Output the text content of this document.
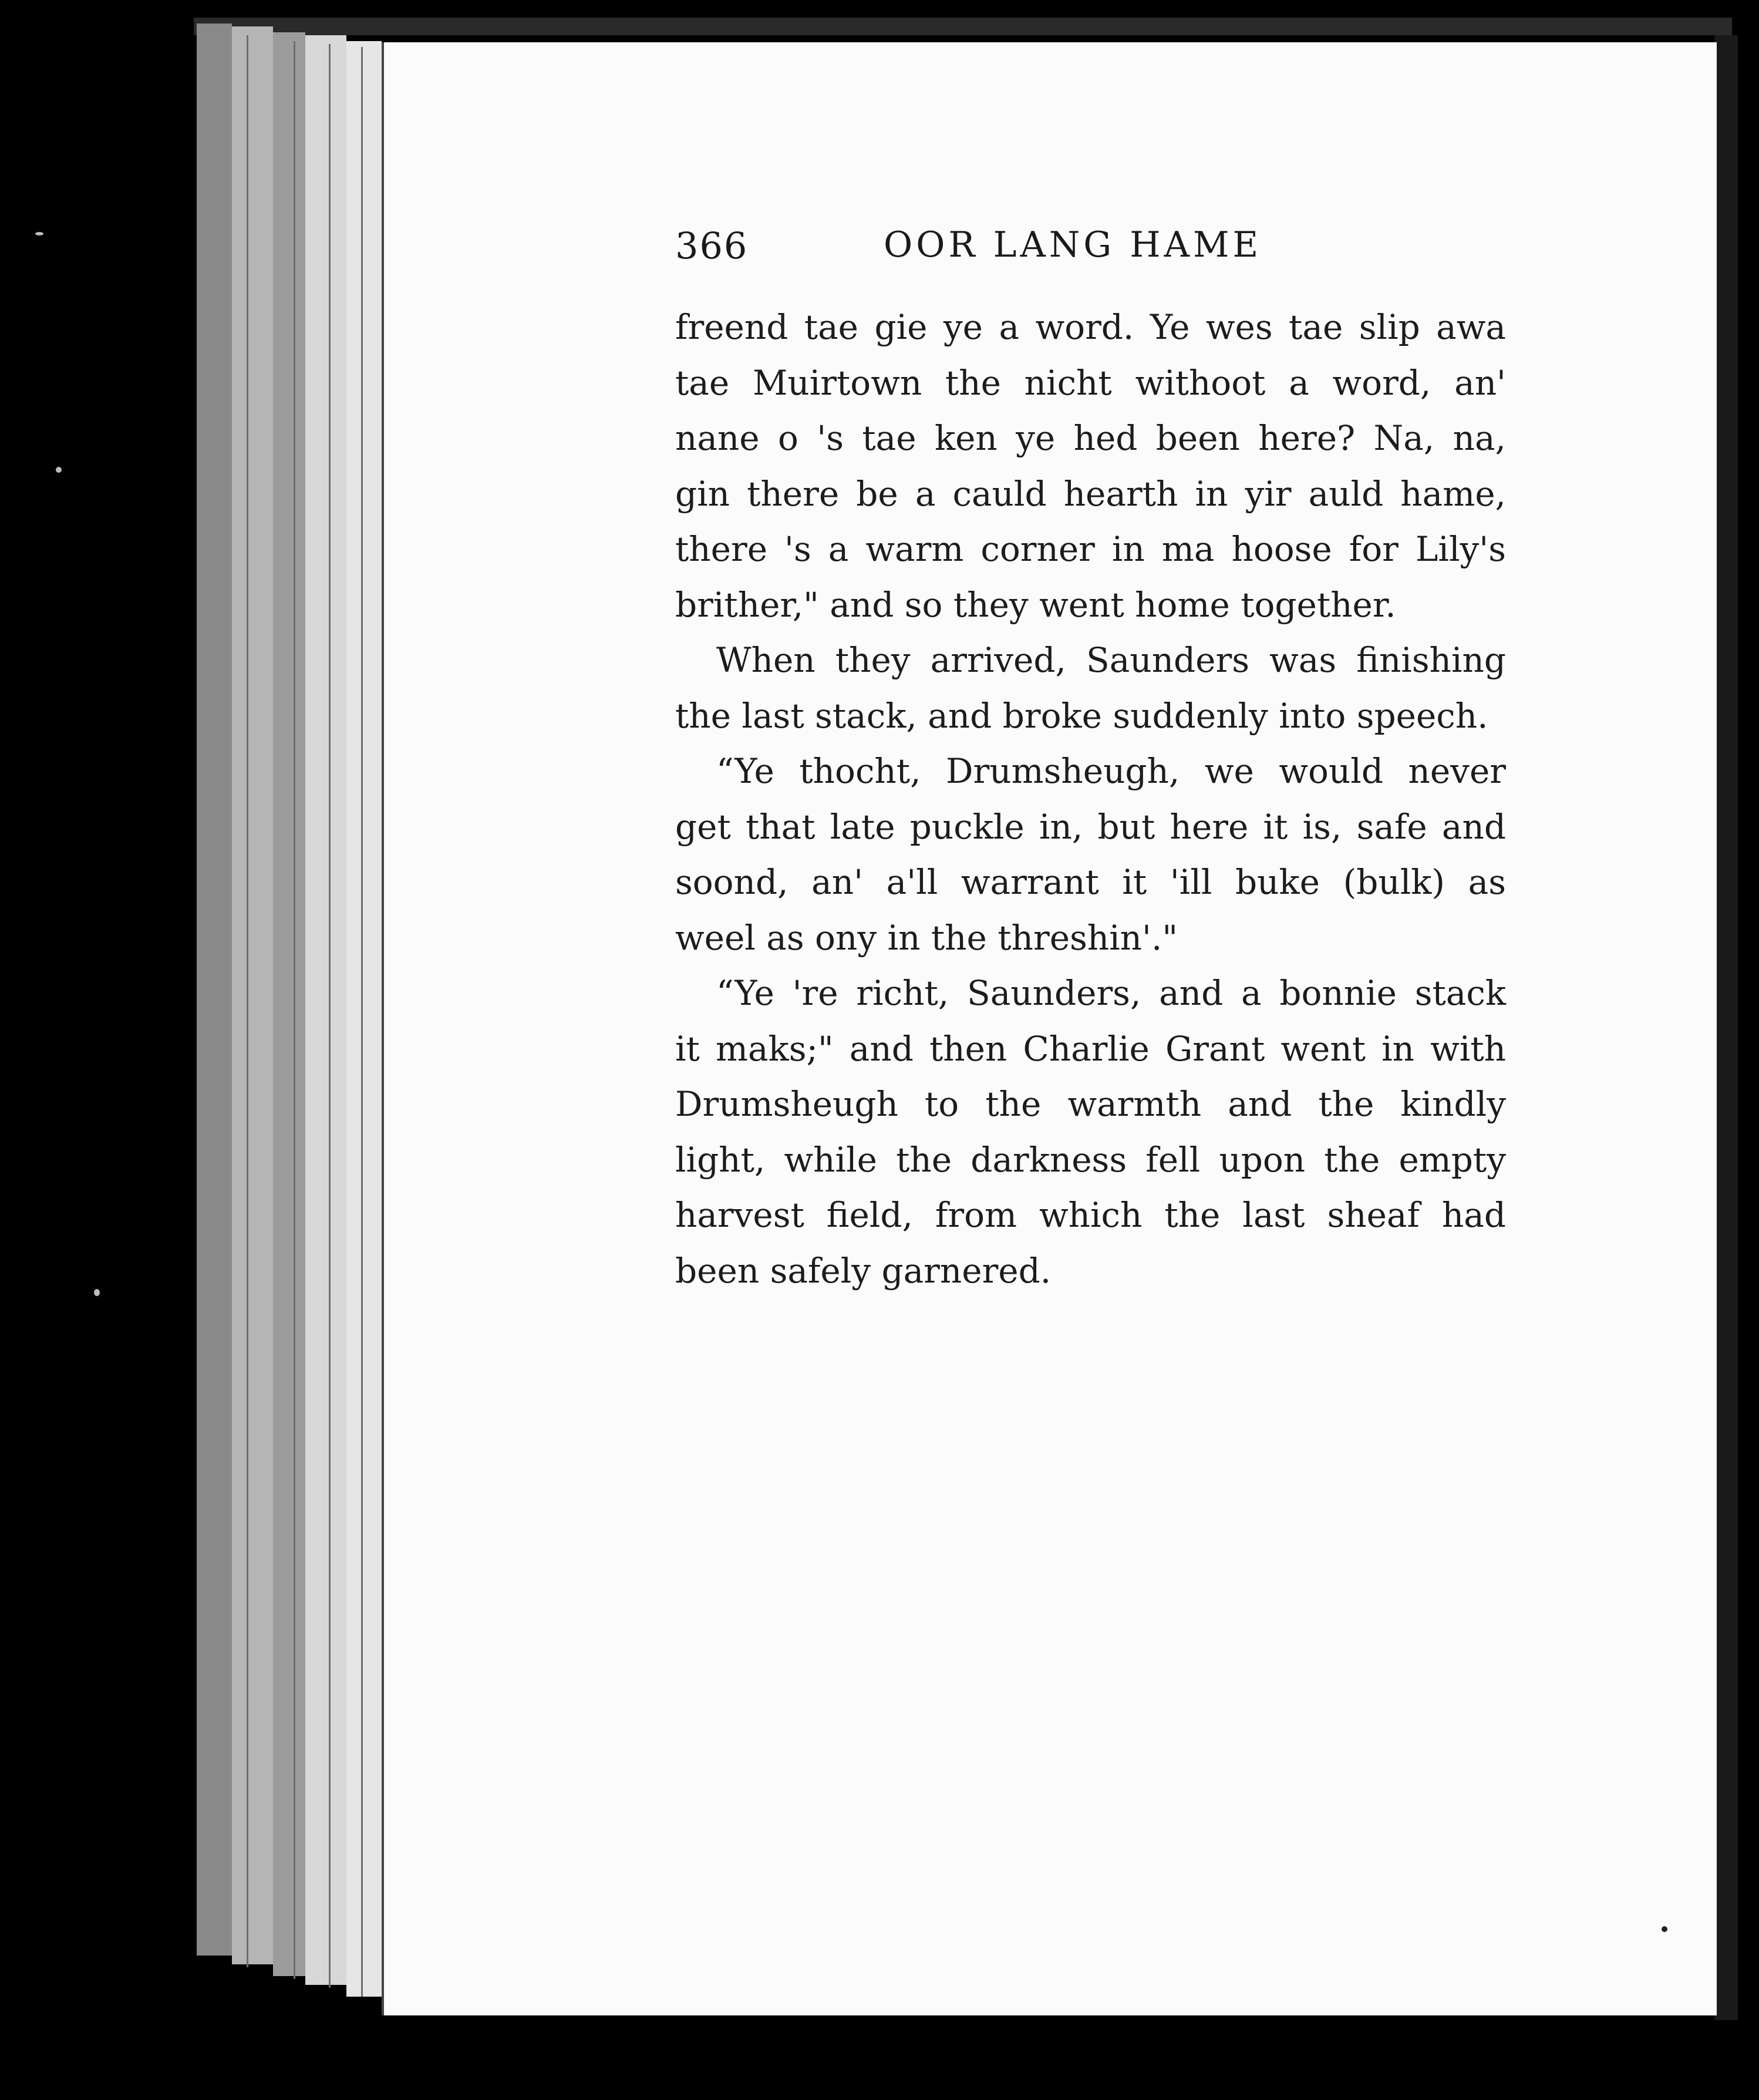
366	OOR LANG HAME
freend tae gie ye a word. Ye wes tae slip awa
tae Muirtown the nicht withoot a word, an'
nane o 's tae ken ye hed been here? Na, na,
gin there be a cauld hearth in yir auld hame,
there 's a warm corner in ma hoose for Lily's
brither," and so they went home together.
When they arrived, Saunders was finishing
the last stack, and broke suddenly into speech.
“Ye thocht, Drumsheugh, we would never
get that late puckle in, but here it is, safe and
soond, an' a'll warrant it 'ill buke (bulk) as
weel as ony in the threshin'."
“Ye 're richt, Saunders, and a bonnie stack
it maks;" and then Charlie Grant went in with
Drumsheugh to the warmth and the kindly
light, while the darkness fell upon the empty
harvest field, from which the last sheaf had
been safely garnered.
